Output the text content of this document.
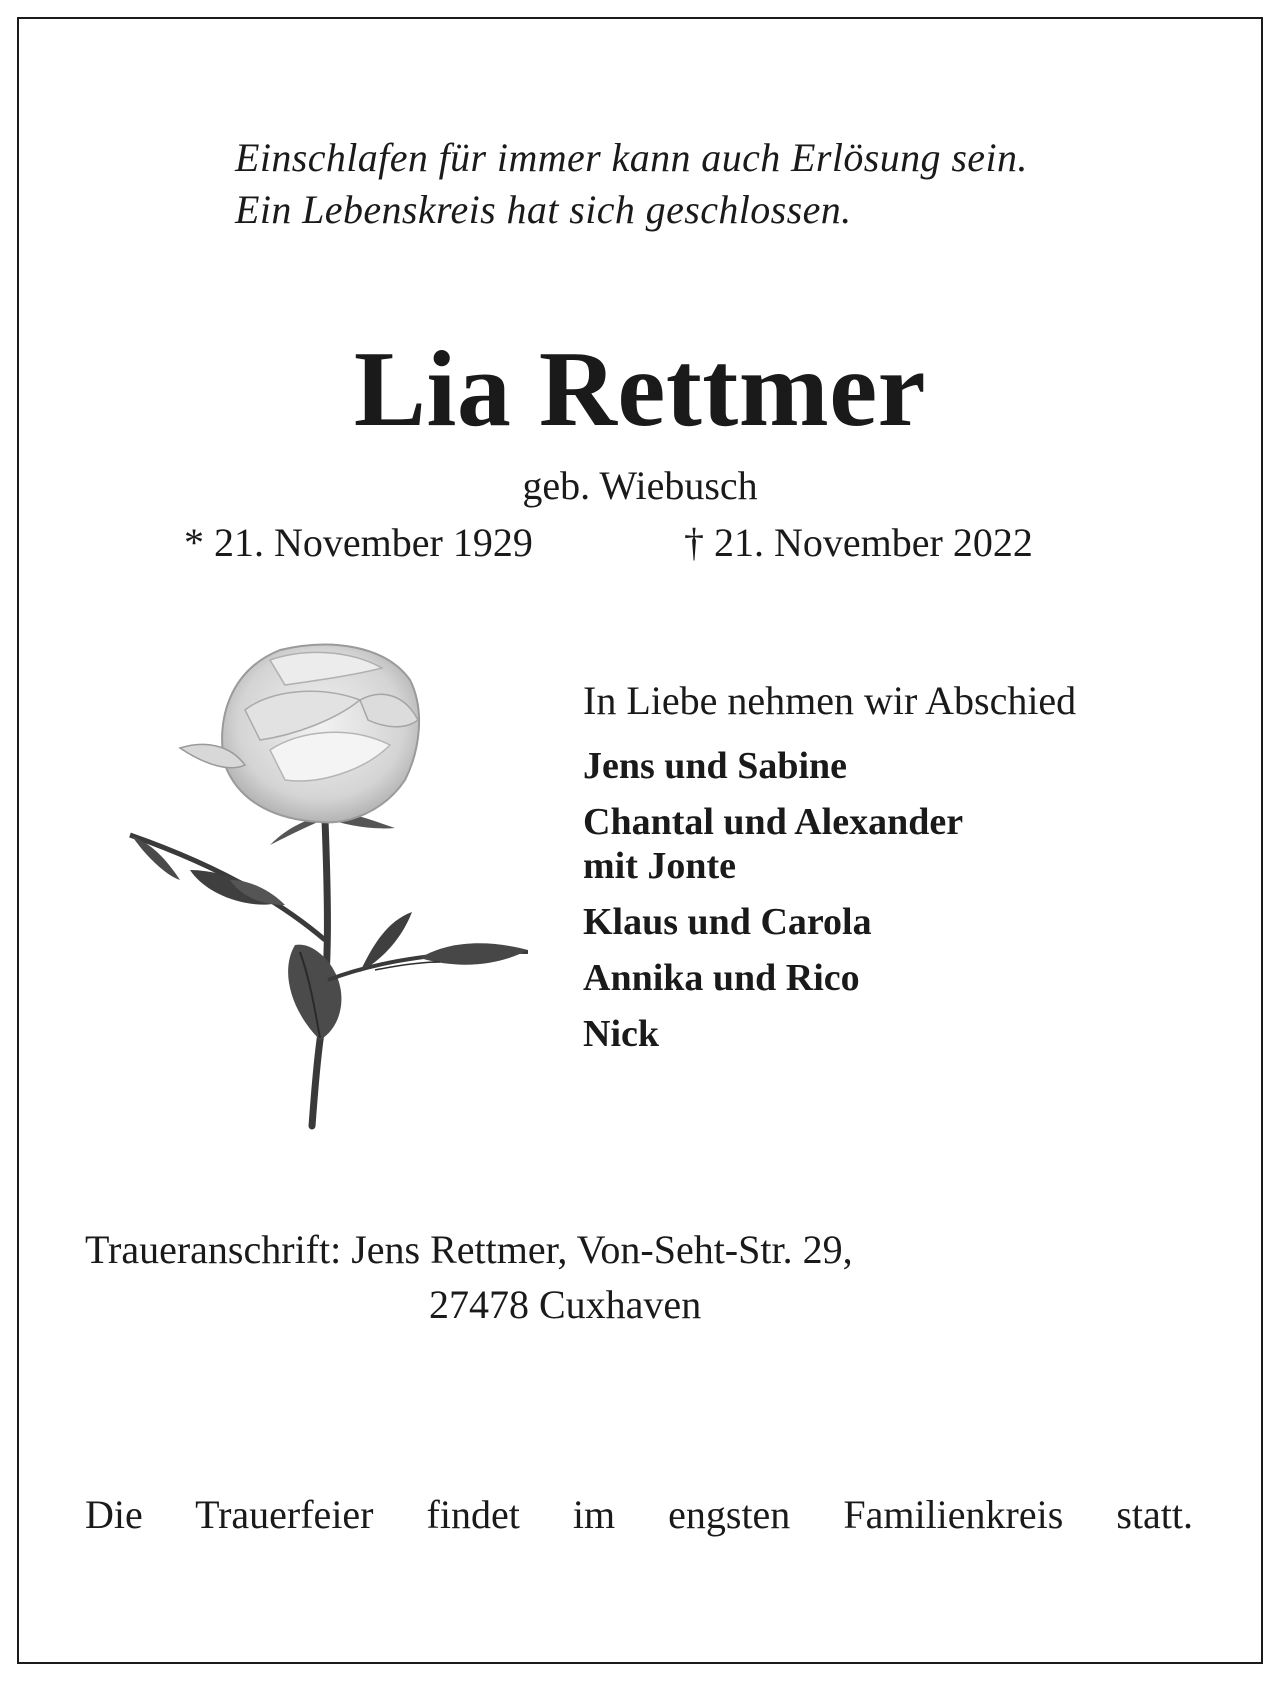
Einschlafen für immer kann auch Erlösung sein.
Ein Lebenskreis hat sich geschlossen.
Lia Rettmer
geb. Wiebusch
* 21. November 1929	† 21. November 2022
In Liebe nehmen wir Abschied
Jens und Sabine
Chantal und Alexander
mit Jonte
Klaus und Carola
Annika und Rico
Nick
Traueranschrift: Jens Rettmer, Von-Seht-Str. 29,
27478 Cuxhaven
Die Trauerfeier findet im engsten Familienkreis statt.
